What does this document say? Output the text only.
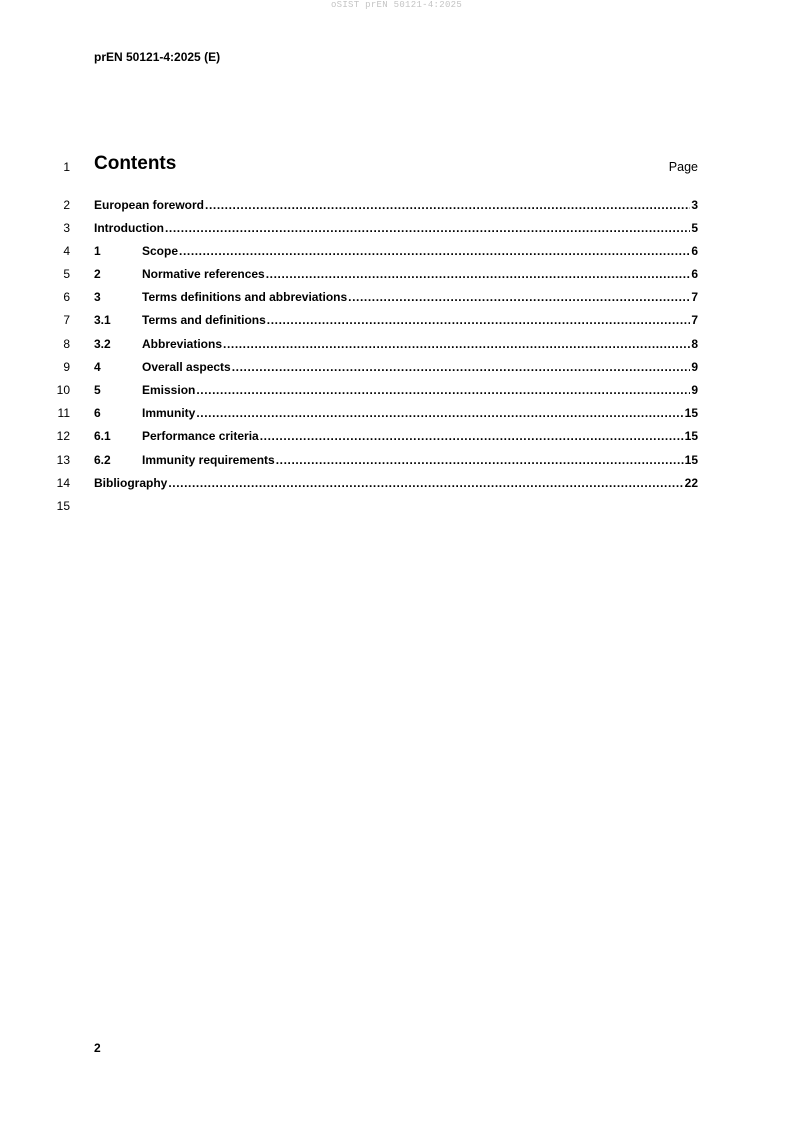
oSIST prEN 50121-4:2025
prEN 50121-4:2025 (E)
1
2
3
4
5
6
7
8
9
10
11
12
13
14
15
Contents	Page
European foreword .....	3
Introduction .....	5
1	Scope .....	6
2	Normative references .....	6
3	Terms definitions and abbreviations .....	7
3.1	Terms and definitions .....	7
3.2	Abbreviations .....	8
4	Overall aspects .....	9
5	Emission .....	9
6	Immunity .....	15
6.1	Performance criteria .....	15
6.2	Immunity requirements .....	15
Bibliography .....	22
2
